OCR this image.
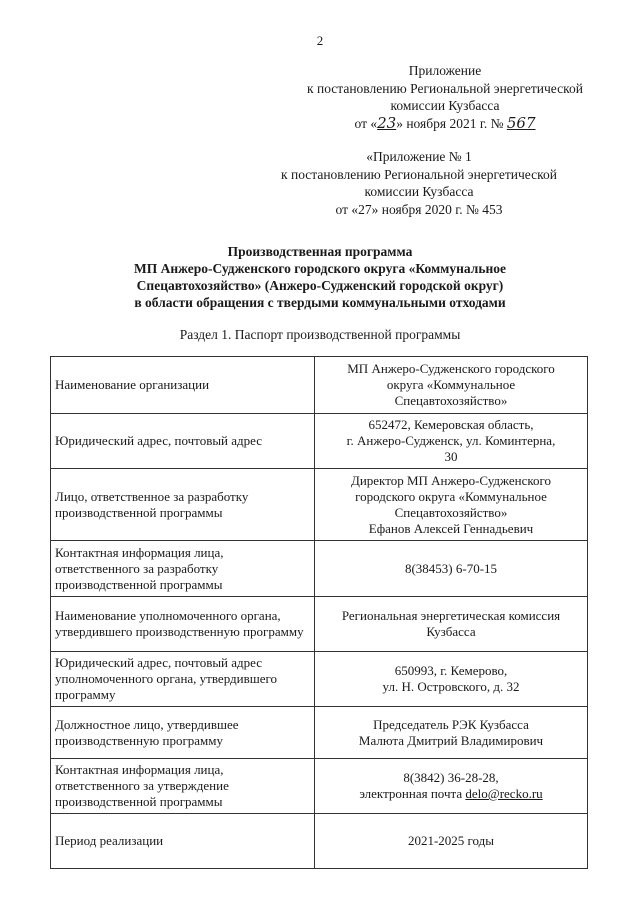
2
Приложение
к постановлению Региональной энергетической
комиссии Кузбасса
от «23» ноября 2021 г. № 567
«Приложение № 1
к постановлению Региональной энергетической
комиссии Кузбасса
от «27» ноября 2020 г. № 453
Производственная программа
МП Анжеро-Судженского городского округа «Коммунальное
Спецавтохозяйство» (Анжеро-Судженский городской округ)
в области обращения с твердыми коммунальными отходами
Раздел 1. Паспорт производственной программы
Наименование организации	МП Анжеро-Судженского городского
округа «Коммунальное
Спецавтохозяйство»

Юридический адрес, почтовый адрес	652472, Кемеровская область,
г. Анжеро-Судженск, ул. Коминтерна,
30

Лицо, ответственное за разработку производственной программы	Директор МП Анжеро-Судженского
городского округа «Коммунальное
Спецавтохозяйство»
Ефанов Алексей Геннадьевич

Контактная информация лица, ответственного за разработку производственной программы	8(38453) 6-70-15

Наименование уполномоченного органа, утвердившего производственную программу	Региональная энергетическая комиссия
Кузбасса

Юридический адрес, почтовый адрес уполномоченного органа, утвердившего программу	650993, г. Кемерово,
ул. Н. Островского, д. 32

Должностное лицо, утвердившее производственную программу	Председатель РЭК Кузбасса
Малюта Дмитрий Владимирович

Контактная информация лица, ответственного за утверждение производственной программы	8(3842) 36-28-28,
электронная почта delo@recko.ru

Период реализации	2021-2025 годы
